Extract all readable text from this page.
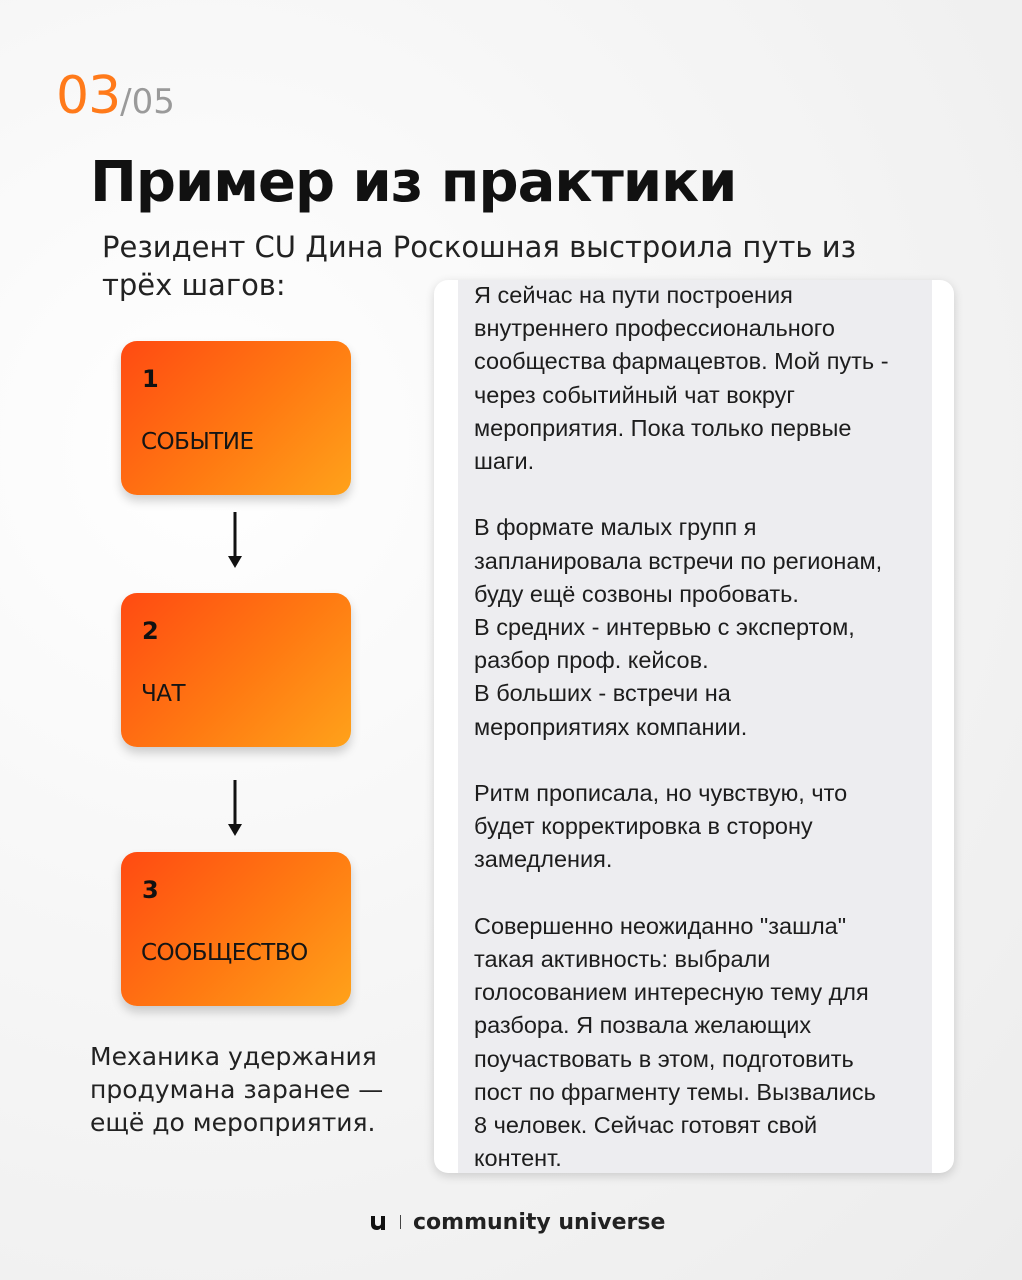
03/05
Пример из практики

Резидент CU Дина Роскошная выстроила путь из трёх шагов:

1
СОБЫТИЕ
2
ЧАТ
3
СООБЩЕСТВО

Механика удержания продумана заранее — ещё до мероприятия.

Я сейчас на пути построения
внутреннего профессионального
сообщества фармацевтов. Мой путь -
через событийный чат вокруг
мероприятия. Пока только первые
шаги.

В формате малых групп я
запланировала встречи по регионам,
буду ещё созвоны пробовать.
В средних - интервью с экспертом,
разбор проф. кейсов.
В больших - встречи на
мероприятиях компании.

Ритм прописала, но чувствую, что
будет корректировка в сторону
замедления.

Совершенно неожиданно "зашла"
такая активность: выбрали
голосованием интересную тему для
разбора. Я позвала желающих
поучаствовать в этом, подготовить
пост по фрагменту темы. Вызвались
8 человек. Сейчас готовят свой
контент.
community universe
